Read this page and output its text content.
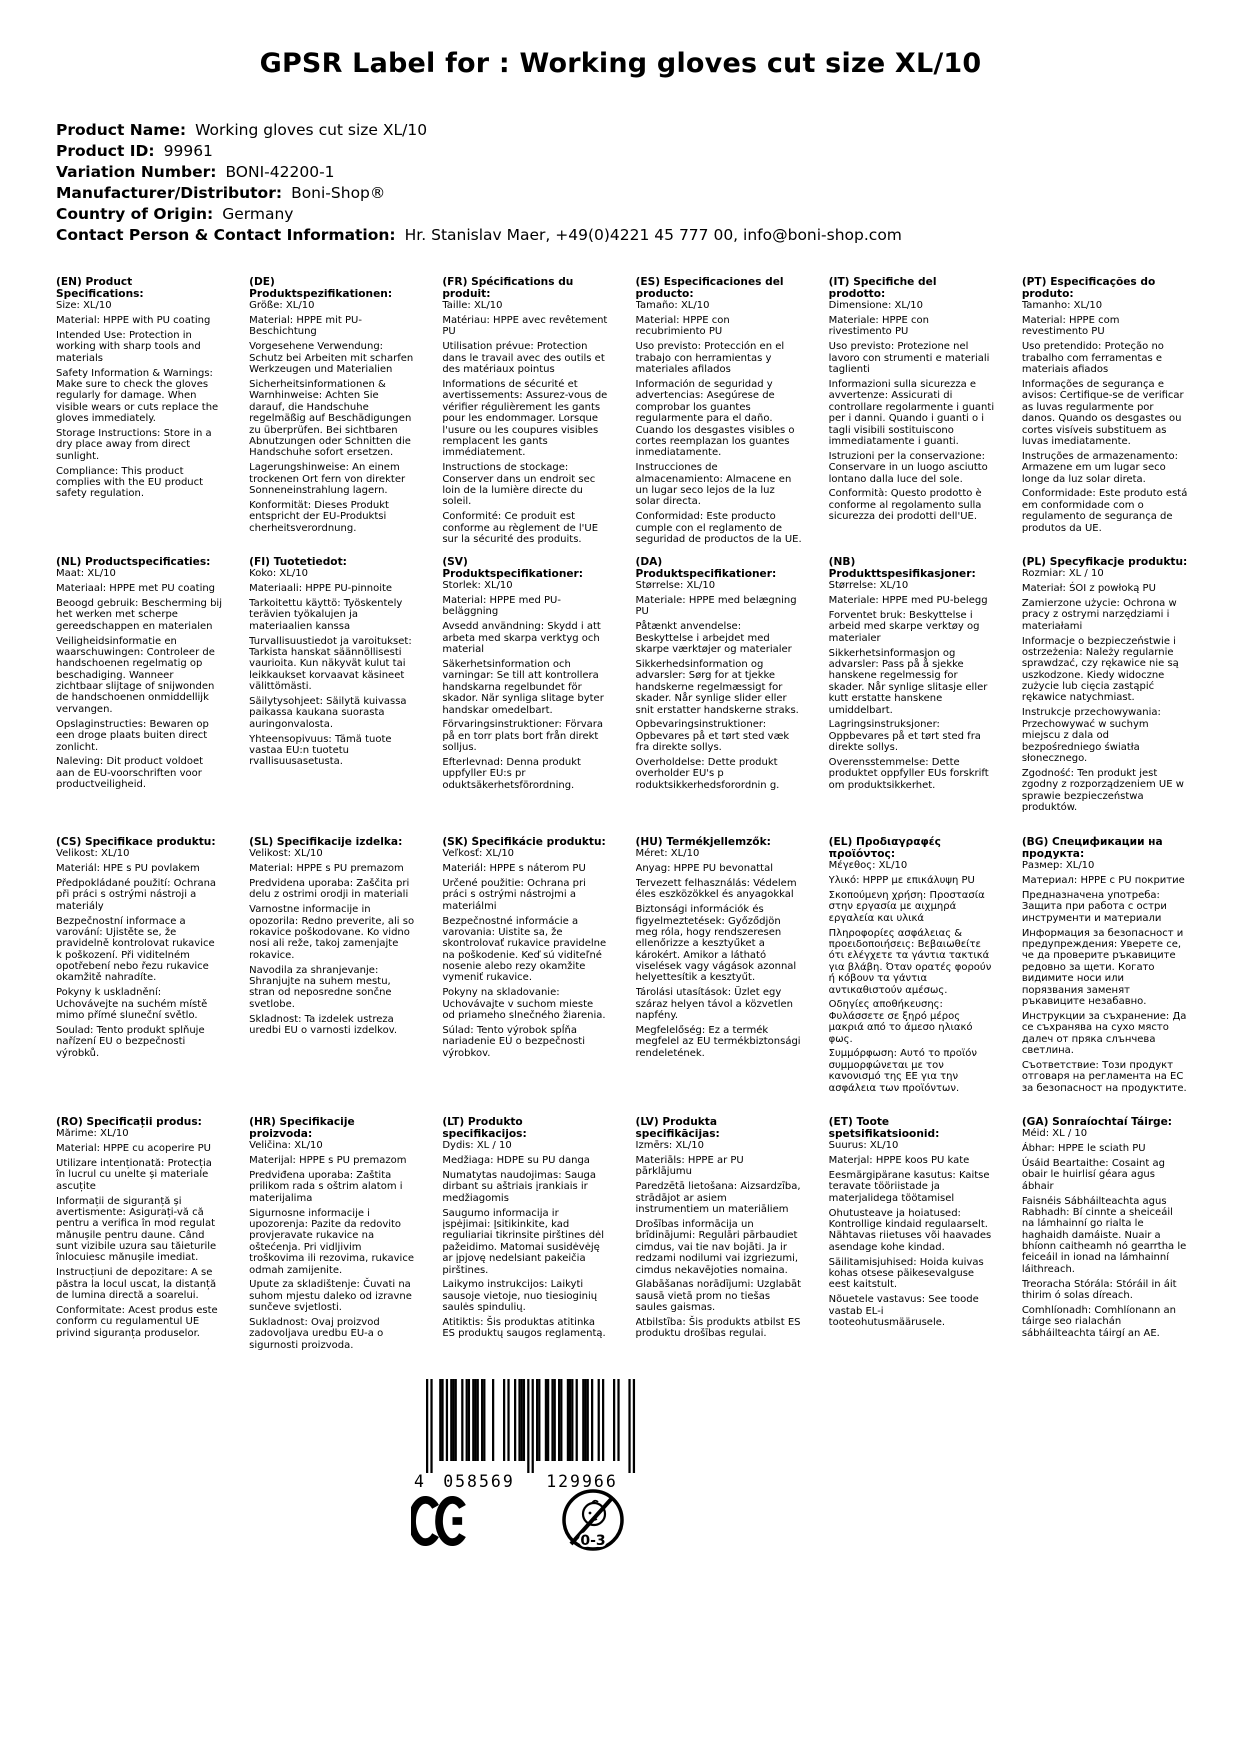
GPSR Label for : Working gloves cut size XL/10
Product Name: Working gloves cut size XL/10
Product ID: 99961
Variation Number: BONI-42200-1
Manufacturer/Distributor: Boni-Shop®
Country of Origin: Germany
Contact Person & Contact Information: Hr. Stanislav Maer, +49(0)4221 45 777 00, info@boni-shop.com
(EN) Product Specifications:
Size: XL/10
Material: HPPE with PU coating
Intended Use: Protection in working with sharp tools and materials
Safety Information & Warnings: Make sure to check the gloves regularly for damage. When visible wears or cuts replace the gloves immediately.
Storage Instructions: Store in a dry place away from direct sunlight.
Compliance: This product complies with the EU product safety regulation.
(DE) Produktspezifikationen:
Größe: XL/10
Material: HPPE mit PU-Beschichtung
Vorgesehene Verwendung: Schutz bei Arbeiten mit scharfen Werkzeugen und Materialien
Sicherheitsinformationen & Warnhinweise: Achten Sie darauf, die Handschuhe regelmäßig auf Beschädigungen zu überprüfen. Bei sichtbaren Abnutzungen oder Schnitten die Handschuhe sofort ersetzen.
Lagerungshinweise: An einem trockenen Ort fern von direkter Sonneneinstrahlung lagern.
Konformität: Dieses Produkt entspricht der EU-Produktsi cherheitsverordnung.
(FR) Spécifications du produit:
Taille: XL/10
Matériau: HPPE avec revêtement PU
Utilisation prévue: Protection dans le travail avec des outils et des matériaux pointus
Informations de sécurité et avertissements: Assurez-vous de vérifier régulièrement les gants pour les endommager. Lorsque l'usure ou les coupures visibles remplacent les gants immédiatement.
Instructions de stockage: Conserver dans un endroit sec loin de la lumière directe du soleil.
Conformité: Ce produit est conforme au règlement de l'UE sur la sécurité des produits.
(ES) Especificaciones del producto:
Tamaño: XL/10
Material: HPPE con recubrimiento PU
Uso previsto: Protección en el trabajo con herramientas y materiales afilados
Información de seguridad y advertencias: Asegúrese de comprobar los guantes regularmente para el daño. Cuando los desgastes visibles o cortes reemplazan los guantes inmediatamente.
Instrucciones de almacenamiento: Almacene en un lugar seco lejos de la luz solar directa.
Conformidad: Este producto cumple con el reglamento de seguridad de productos de la UE.
(IT) Specifiche del prodotto:
Dimensione: XL/10
Materiale: HPPE con rivestimento PU
Uso previsto: Protezione nel lavoro con strumenti e materiali taglienti
Informazioni sulla sicurezza e avvertenze: Assicurati di controllare regolarmente i guanti per i danni. Quando i guanti o i tagli visibili sostituiscono immediatamente i guanti.
Istruzioni per la conservazione: Conservare in un luogo asciutto lontano dalla luce del sole.
Conformità: Questo prodotto è conforme al regolamento sulla sicurezza dei prodotti dell'UE.
(PT) Especificações do produto:
Tamanho: XL/10
Material: HPPE com revestimento PU
Uso pretendido: Proteção no trabalho com ferramentas e materiais afiados
Informações de segurança e avisos: Certifique-se de verificar as luvas regularmente por danos. Quando os desgastes ou cortes visíveis substituem as luvas imediatamente.
Instruções de armazenamento: Armazene em um lugar seco longe da luz solar direta.
Conformidade: Este produto está em conformidade com o regulamento de segurança de produtos da UE.
(NL) Productspecificaties:
Maat: XL/10
Materiaal: HPPE met PU coating
Beoogd gebruik: Bescherming bij het werken met scherpe gereedschappen en materialen
Veiligheidsinformatie en waarschuwingen: Controleer de handschoenen regelmatig op beschadiging. Wanneer zichtbaar slijtage of snijwonden de handschoenen onmiddellijk vervangen.
Opslaginstructies: Bewaren op een droge plaats buiten direct zonlicht.
Naleving: Dit product voldoet aan de EU-voorschriften voor productveiligheid.
(FI) Tuotetiedot:
Koko: XL/10
Materiaali: HPPE PU-pinnoite
Tarkoitettu käyttö: Työskentely terävien työkalujen ja materiaalien kanssa
Turvallisuustiedot ja varoitukset: Tarkista hanskat säännöllisesti vaurioita. Kun näkyvät kulut tai leikkaukset korvaavat käsineet välittömästi.
Säilytysohjeet: Säilytä kuivassa paikassa kaukana suorasta auringonvalosta.
Yhteensopivuus: Tämä tuote vastaa EU:n tuotetu rvallisuusasetusta.
(SV) Produktspecifikationer:
Storlek: XL/10
Material: HPPE med PU-beläggning
Avsedd användning: Skydd i att arbeta med skarpa verktyg och material
Säkerhetsinformation och varningar: Se till att kontrollera handskarna regelbundet för skador. När synliga slitage byter handskar omedelbart.
Förvaringsinstruktioner: Förvara på en torr plats bort från direkt solljus.
Efterlevnad: Denna produkt uppfyller EU:s pr oduktsäkerhetsförordning.
(DA) Produktspecifikationer:
Størrelse: XL/10
Materiale: HPPE med belægning PU
Påtænkt anvendelse: Beskyttelse i arbejdet med skarpe værktøjer og materialer
Sikkerhedsinformation og advarsler: Sørg for at tjekke handskerne regelmæssigt for skader. Når synlige slider eller snit erstatter handskerne straks.
Opbevaringsinstruktioner: Opbevares på et tørt sted væk fra direkte sollys.
Overholdelse: Dette produkt overholder EU's p roduktsikkerhedsforordnin g.
(NB) Produkttspesifikasjoner:
Størrelse: XL/10
Materiale: HPPE med PU-belegg
Forventet bruk: Beskyttelse i arbeid med skarpe verktøy og materialer
Sikkerhetsinformasjon og advarsler: Pass på å sjekke hanskene regelmessig for skader. Når synlige slitasje eller kutt erstatte hanskene umiddelbart.
Lagringsinstruksjoner: Oppbevares på et tørt sted fra direkte sollys.
Overensstemmelse: Dette produktet oppfyller EUs forskrift om produktsikkerhet.
(PL) Specyfikacje produktu:
Rozmiar: XL / 10
Materiał: ŚOI z powłoką PU
Zamierzone użycie: Ochrona w pracy z ostrymi narzędziami i materiałami
Informacje o bezpieczeństwie i ostrzeżenia: Należy regularnie sprawdzać, czy rękawice nie są uszkodzone. Kiedy widoczne zużycie lub cięcia zastąpić rękawice natychmiast.
Instrukcje przechowywania: Przechowywać w suchym miejscu z dala od bezpośredniego światła słonecznego.
Zgodność: Ten produkt jest zgodny z rozporządzeniem UE w sprawie bezpieczeństwa produktów.
(CS) Specifikace produktu:
Velikost: XL/10
Materiál: HPE s PU povlakem
Předpokládané použití: Ochrana při práci s ostrými nástroji a materiály
Bezpečnostní informace a varování: Ujistěte se, že pravidelně kontrolovat rukavice k poškození. Při viditelném opotřebení nebo řezu rukavice okamžitě nahradíte.
Pokyny k uskladnění: Uchovávejte na suchém místě mimo přímé sluneční světlo.
Soulad: Tento produkt splňuje nařízení EU o bezpečnosti výrobků.
(SL) Specifikacije izdelka:
Velikost: XL/10
Material: HPPE s PU premazom
Predvidena uporaba: Zaščita pri delu z ostrimi orodji in materiali
Varnostne informacije in opozorila: Redno preverite, ali so rokavice poškodovane. Ko vidno nosi ali reže, takoj zamenjajte rokavice.
Navodila za shranjevanje: Shranjujte na suhem mestu, stran od neposredne sončne svetlobe.
Skladnost: Ta izdelek ustreza uredbi EU o varnosti izdelkov.
(SK) Špecifikácie produktu:
Veľkosť: XL/10
Materiál: HPPE s náterom PU
Určené použitie: Ochrana pri práci s ostrými nástrojmi a materiálmi
Bezpečnostné informácie a varovania: Uistite sa, že skontrolovať rukavice pravidelne na poškodenie. Keď sú viditeľné nosenie alebo rezy okamžite vymeniť rukavice.
Pokyny na skladovanie: Uchovávajte v suchom mieste od priameho slnečného žiarenia.
Súlad: Tento výrobok spĺňa nariadenie EÚ o bezpečnosti výrobkov.
(HU) Termékjellemzők:
Méret: XL/10
Anyag: HPPE PU bevonattal
Tervezett felhasználás: Védelem éles eszközökkel és anyagokkal
Biztonsági információk és figyelmeztetések: Győződjön meg róla, hogy rendszeresen ellenőrizze a kesztyűket a károkért. Amikor a látható viselések vagy vágások azonnal helyettesítik a kesztyűt.
Tárolási utasítások: Üzlet egy száraz helyen távol a közvetlen napfény.
Megfelelőség: Ez a termék megfelel az EU termékbiztonsági rendeletének.
(EL) Προδιαγραφές προϊόντος:
Μέγεθος: XL/10
Υλικό: HPPP με επικάλυψη PU
Σκοπούμενη χρήση: Προστασία στην εργασία με αιχμηρά εργαλεία και υλικά
Πληροφορίες ασφάλειας & προειδοποιήσεις: Βεβαιωθείτε ότι ελέγχετε τα γάντια τακτικά για βλάβη. Όταν ορατές φορούν ή κόβουν τα γάντια αντικαθιστούν αμέσως.
Οδηγίες αποθήκευσης: Φυλάσσετε σε ξηρό μέρος μακριά από το άμεσο ηλιακό φως.
Συμμόρφωση: Αυτό το προϊόν συμμορφώνεται με τον κανονισμό της ΕΕ για την ασφάλεια των προϊόντων.
(BG) Спецификации на продукта:
Размер: XL/10
Материал: HPPE с PU покритие
Предназначена употреба: Защита при работа с остри инструменти и материали
Информация за безопасност и предупреждения: Уверете се, че да проверите ръкавиците редовно за щети. Когато видимите носи или порязвания заменят ръкавиците незабавно.
Инструкции за съхранение: Да се съхранява на сухо място далеч от пряка слънчева светлина.
Съответствие: Този продукт отговаря на регламента на ЕС за безопасност на продуктите.
(RO) Specificații produs:
Mărime: XL/10
Material: HPPE cu acoperire PU
Utilizare intenționată: Protecția în lucrul cu unelte și materiale ascuțite
Informații de siguranță și avertismente: Asigurați-vă că pentru a verifica în mod regulat mănușile pentru daune. Când sunt vizibile uzura sau tăieturile înlocuiesc mănușile imediat.
Instrucțiuni de depozitare: A se păstra la locul uscat, la distanță de lumina directă a soarelui.
Conformitate: Acest produs este conform cu regulamentul UE privind siguranța produselor.
(HR) Specifikacije proizvoda:
Veličina: XL/10
Materijal: HPPE s PU premazom
Predviđena uporaba: Zaštita prilikom rada s oštrim alatom i materijalima
Sigurnosne informacije i upozorenja: Pazite da redovito provjeravate rukavice na oštećenja. Pri vidljivim troškovima ili rezovima, rukavice odmah zamijenite.
Upute za skladištenje: Čuvati na suhom mjestu daleko od izravne sunčeve svjetlosti.
Sukladnost: Ovaj proizvod zadovoljava uredbu EU-a o sigurnosti proizvoda.
(LT) Produkto specifikacijos:
Dydis: XL / 10
Medžiaga: HDPE su PU danga
Numatytas naudojimas: Sauga dirbant su aštriais įrankiais ir medžiagomis
Saugumo informacija ir įspėjimai: Įsitikinkite, kad reguliariai tikrinsite pirštines dėl pažeidimo. Matomai susidėvėję ar įpjovę nedelsiant pakeičia pirštines.
Laikymo instrukcijos: Laikyti sausoje vietoje, nuo tiesioginių saulės spindulių.
Atitiktis: Šis produktas atitinka ES produktų saugos reglamentą.
(LV) Produkta specifikācijas:
Izmērs: XL/10
Materiāls: HPPE ar PU pārklājumu
Paredzētā lietošana: Aizsardzība, strādājot ar asiem instrumentiem un materiāliem
Drošības informācija un brīdinājumi: Regulāri pārbaudiet cimdus, vai tie nav bojāti. Ja ir redzami nodilumi vai izgriezumi, cimdus nekavējoties nomaina.
Glabāšanas norādījumi: Uzglabāt sausā vietā prom no tiešas saules gaismas.
Atbilstība: Šis produkts atbilst ES produktu drošības regulai.
(ET) Toote spetsifikatsioonid:
Suurus: XL/10
Materjal: HPPE koos PU kate
Eesmärgipärane kasutus: Kaitse teravate tööriistade ja materjalidega töötamisel
Ohutusteave ja hoiatused: Kontrollige kindaid regulaarselt. Nähtavas riietuses või haavades asendage kohe kindad.
Säilitamisjuhised: Hoida kuivas kohas otsese päikesevalguse eest kaitstult.
Nõuetele vastavus: See toode vastab EL-i tooteohutusmäärusele.
(GA) Sonraíochtaí Táirge:
Méid: XL / 10
Ábhar: HPPE le sciath PU
Úsáid Beartaithe: Cosaint ag obair le huirlisí géara agus ábhair
Faisnéis Sábháilteachta agus Rabhadh: Bí cinnte a sheiceáil na lámhainní go rialta le haghaidh damáiste. Nuair a bhíonn caitheamh nó gearrtha le feiceáil in ionad na lámhainní láithreach.
Treoracha Stórála: Stóráil in áit thirim ó solas díreach.
Comhlíonadh: Comhlíonann an táirge seo rialachán sábháilteachta táirgí an AE.
4 058569 129966
0-3
